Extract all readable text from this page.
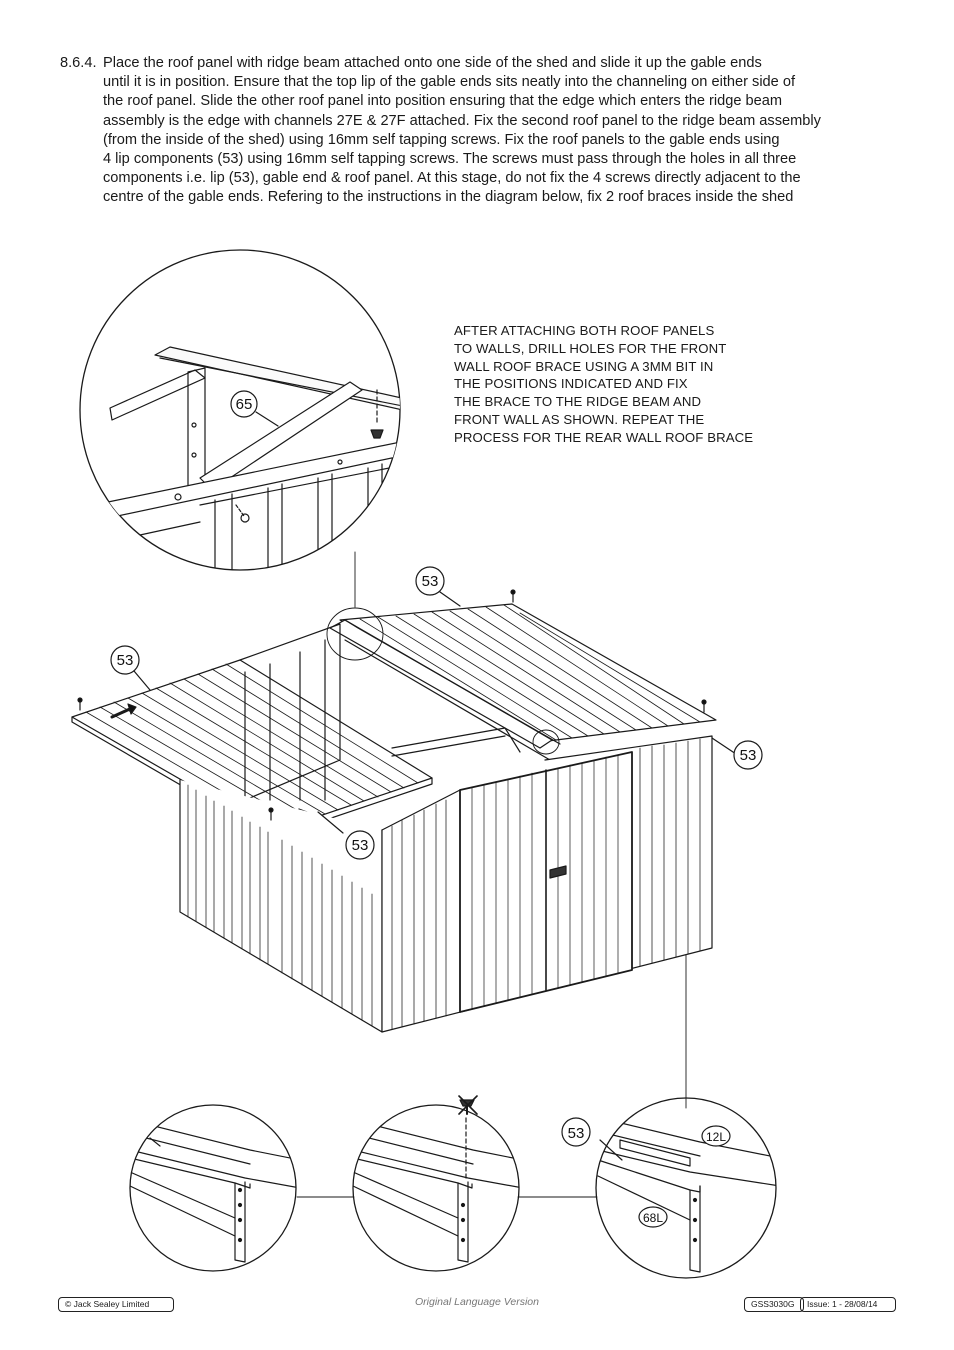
8.6.4. Place the roof panel with ridge beam attached onto one side of the shed and slide it up the gable ends
until it is in position. Ensure that the top lip of the gable ends sits neatly into the channeling on either side of
the roof panel. Slide the other roof panel into position ensuring that the edge which enters the ridge beam
assembly is the edge with channels 27E & 27F attached. Fix the second roof panel to the ridge beam assembly
(from the inside of the shed) using 16mm self tapping screws. Fix the roof panels to the gable ends using
4 lip components (53) using 16mm self tapping screws. The screws must pass through the holes in all three
components i.e. lip (53), gable end & roof panel. At this stage, do not fix the 4 screws directly adjacent to the
centre of the gable ends. Refering to the instructions in the diagram below, fix 2 roof braces inside the shed
65
53
53
53
53
53	12L
68L
AFTER ATTACHING BOTH ROOF PANELS
TO WALLS, DRILL HOLES FOR THE FRONT
WALL ROOF BRACE USING A 3MM BIT IN
THE POSITIONS INDICATED AND FIX
THE BRACE TO THE RIDGE BEAM AND
FRONT WALL AS SHOWN. REPEAT THE
PROCESS FOR THE REAR WALL ROOF BRACE
© Jack Sealey Limited	Original Language Version	GSS3030G	Issue: 1 - 28/08/14
